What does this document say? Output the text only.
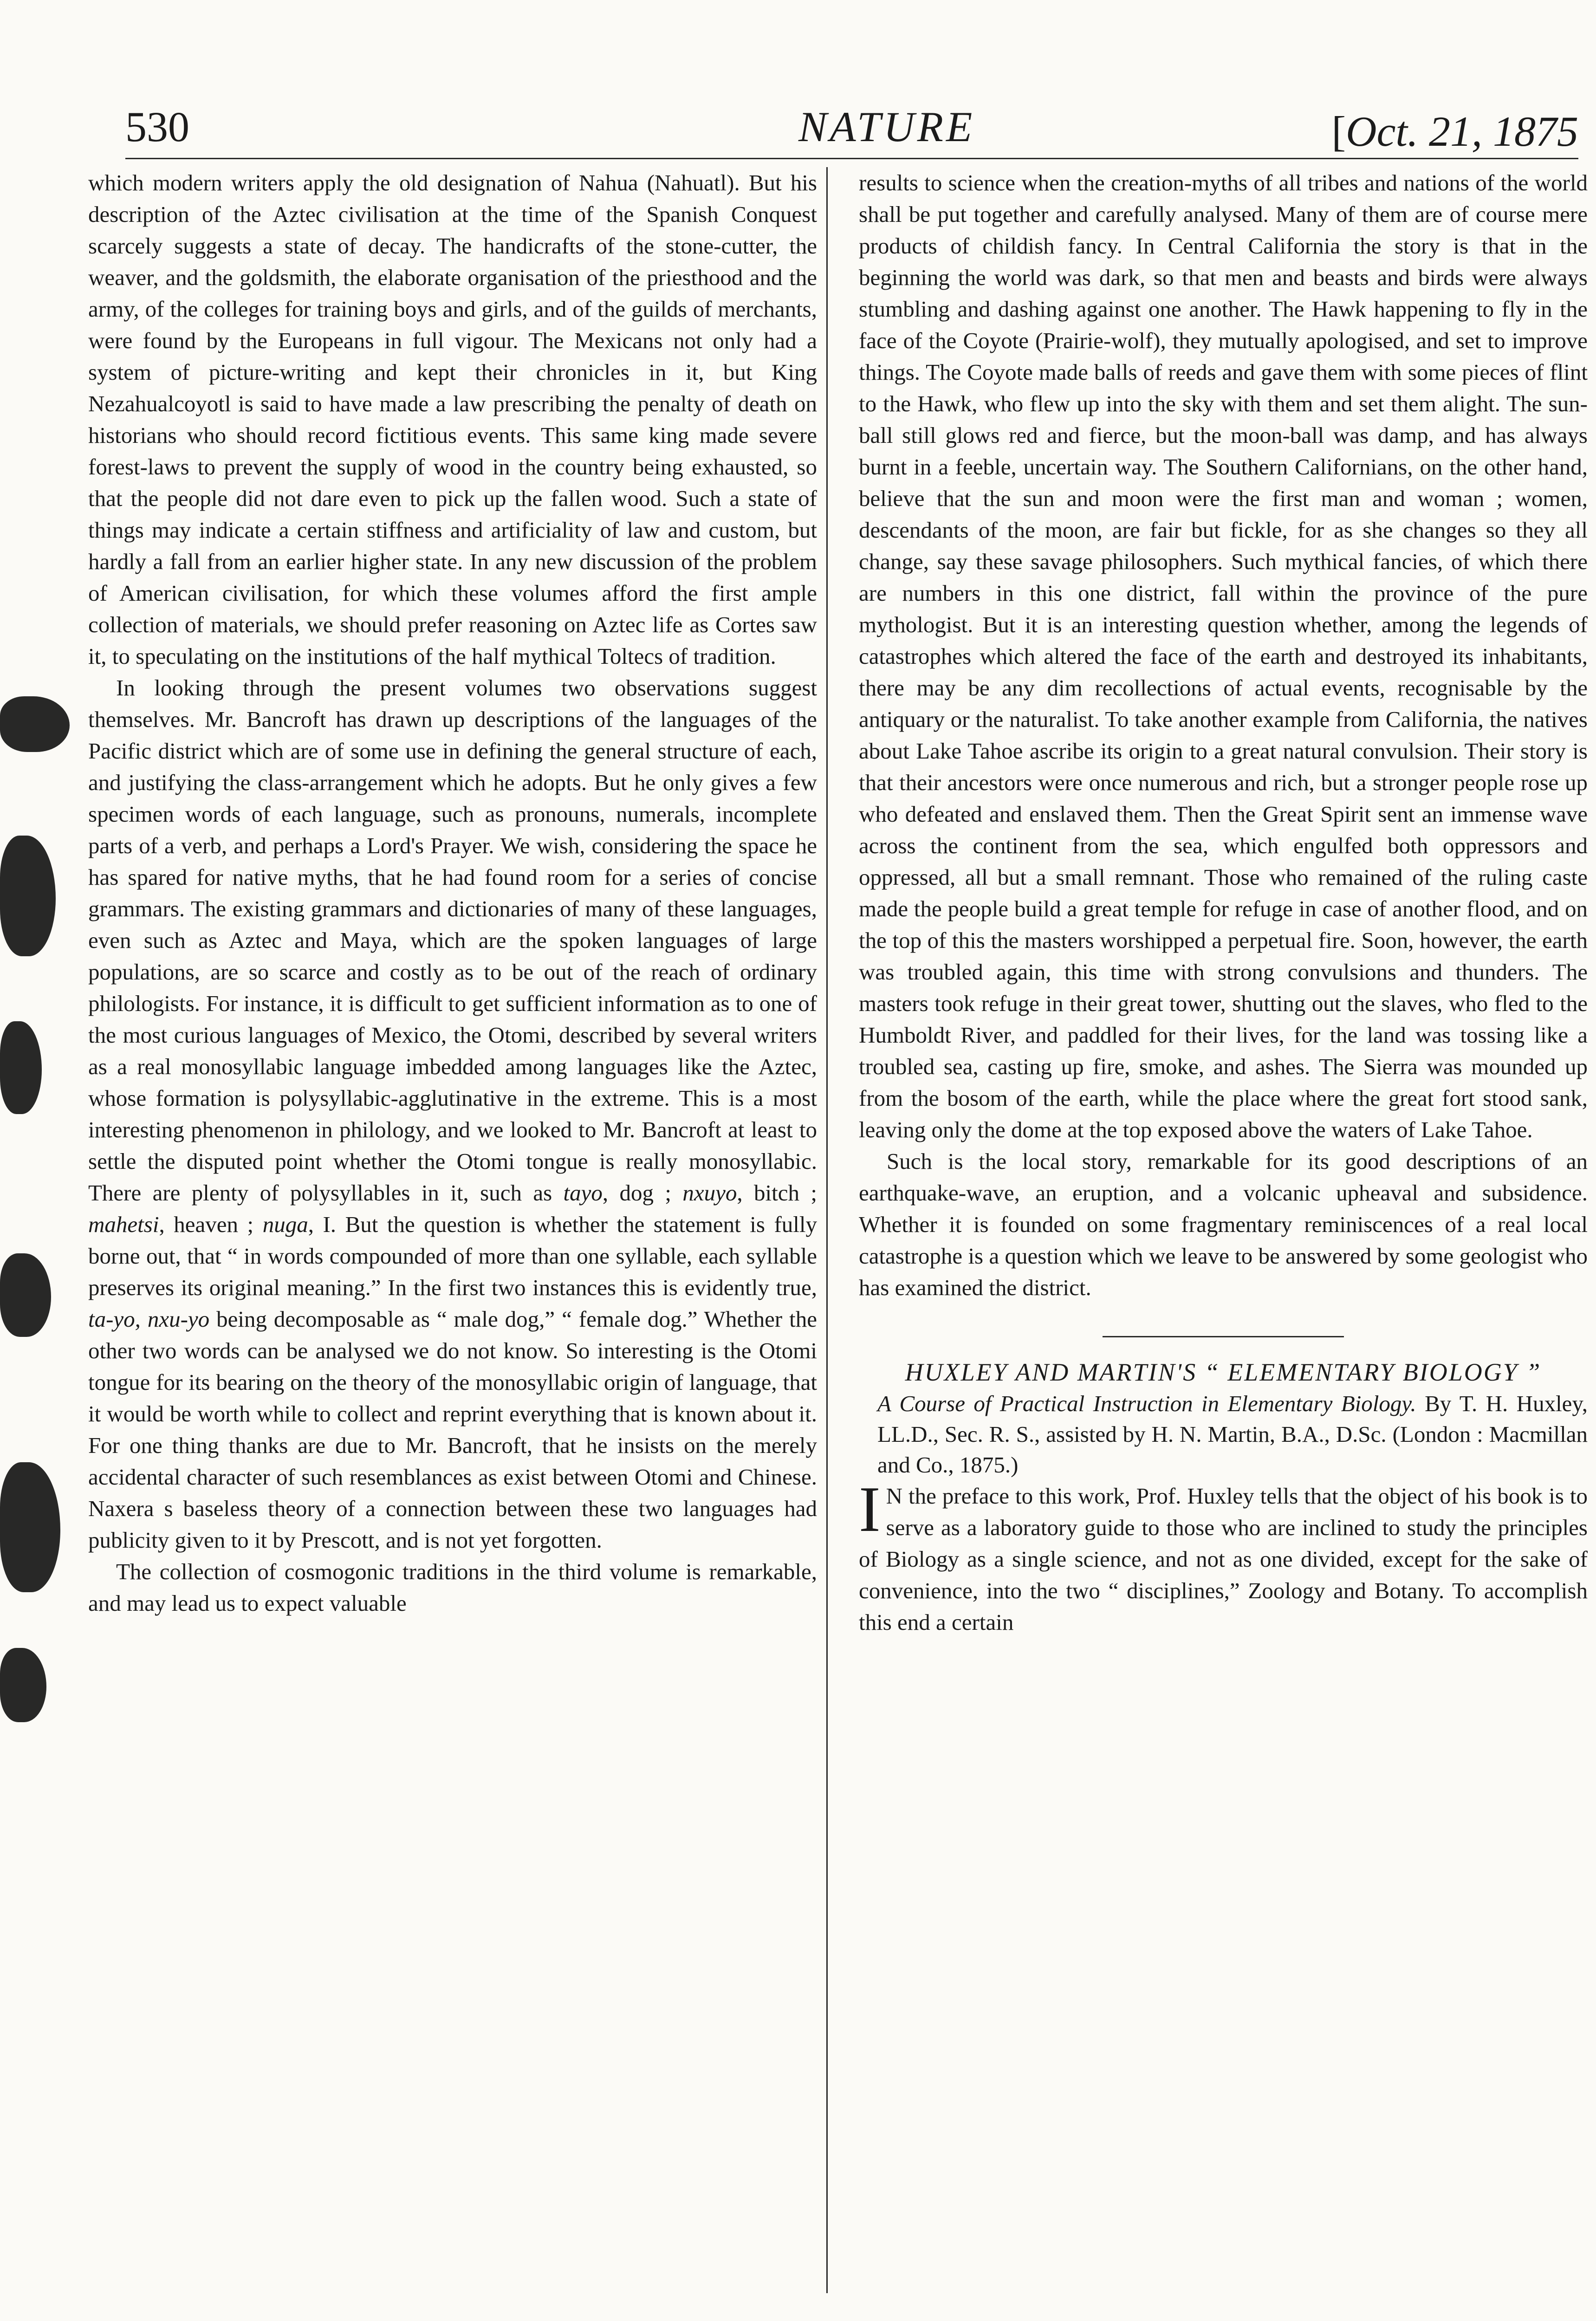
530	NATURE	[Oct. 21, 1875

which modern writers apply the old designation of Nahua (Nahuatl). But his description of the Aztec civilisation at the time of the Spanish Conquest scarcely suggests a state of decay. The handicrafts of the stone-cutter, the weaver, and the goldsmith, the elaborate organisation of the priesthood and the army, of the colleges for training boys and girls, and of the guilds of merchants, were found by the Europeans in full vigour. The Mexicans not only had a system of picture-writing and kept their chronicles in it, but King Nezahualcoyotl is said to have made a law prescribing the penalty of death on historians who should record fictitious events. This same king made severe forest-laws to prevent the supply of wood in the country being exhausted, so that the people did not dare even to pick up the fallen wood. Such a state of things may indicate a certain stiffness and artificiality of law and custom, but hardly a fall from an earlier higher state. In any new discussion of the problem of American civilisation, for which these volumes afford the first ample collection of materials, we should prefer reasoning on Aztec life as Cortes saw it, to speculating on the institutions of the half mythical Toltecs of tradition.

In looking through the present volumes two observations suggest themselves. Mr. Bancroft has drawn up descriptions of the languages of the Pacific district which are of some use in defining the general structure of each, and justifying the class-arrangement which he adopts. But he only gives a few specimen words of each language, such as pronouns, numerals, incomplete parts of a verb, and perhaps a Lord's Prayer. We wish, considering the space he has spared for native myths, that he had found room for a series of concise grammars. The existing grammars and dictionaries of many of these languages, even such as Aztec and Maya, which are the spoken languages of large populations, are so scarce and costly as to be out of the reach of ordinary philologists. For instance, it is difficult to get sufficient information as to one of the most curious languages of Mexico, the Otomi, described by several writers as a real monosyllabic language imbedded among languages like the Aztec, whose formation is polysyllabic-agglutinative in the extreme. This is a most interesting phenomenon in philology, and we looked to Mr. Bancroft at least to settle the disputed point whether the Otomi tongue is really monosyllabic. There are plenty of polysyllables in it, such as tayo, dog ; nxuyo, bitch ; mahetsi, heaven ; nuga, I. But the question is whether the statement is fully borne out, that “ in words compounded of more than one syllable, each syllable preserves its original meaning.” In the first two instances this is evidently true, ta-yo, nxu-yo being decomposable as “ male dog,” “ female dog.” Whether the other two words can be analysed we do not know. So interesting is the Otomi tongue for its bearing on the theory of the monosyllabic origin of language, that it would be worth while to collect and reprint everything that is known about it. For one thing thanks are due to Mr. Bancroft, that he insists on the merely accidental character of such resemblances as exist between Otomi and Chinese. Naxera s baseless theory of a connection between these two languages had publicity given to it by Prescott, and is not yet forgotten.

The collection of cosmogonic traditions in the third volume is remarkable, and may lead us to expect valuable

results to science when the creation-myths of all tribes and nations of the world shall be put together and carefully analysed. Many of them are of course mere products of childish fancy. In Central California the story is that in the beginning the world was dark, so that men and beasts and birds were always stumbling and dashing against one another. The Hawk happening to fly in the face of the Coyote (Prairie-wolf), they mutually apologised, and set to improve things. The Coyote made balls of reeds and gave them with some pieces of flint to the Hawk, who flew up into the sky with them and set them alight. The sun-ball still glows red and fierce, but the moon-ball was damp, and has always burnt in a feeble, uncertain way. The Southern Californians, on the other hand, believe that the sun and moon were the first man and woman ; women, descendants of the moon, are fair but fickle, for as she changes so they all change, say these savage philosophers. Such mythical fancies, of which there are numbers in this one district, fall within the province of the pure mythologist. But it is an interesting question whether, among the legends of catastrophes which altered the face of the earth and destroyed its inhabitants, there may be any dim recollections of actual events, recognisable by the antiquary or the naturalist. To take another example from California, the natives about Lake Tahoe ascribe its origin to a great natural convulsion. Their story is that their ancestors were once numerous and rich, but a stronger people rose up who defeated and enslaved them. Then the Great Spirit sent an immense wave across the continent from the sea, which engulfed both oppressors and oppressed, all but a small remnant. Those who remained of the ruling caste made the people build a great temple for refuge in case of another flood, and on the top of this the masters worshipped a perpetual fire. Soon, however, the earth was troubled again, this time with strong convulsions and thunders. The masters took refuge in their great tower, shutting out the slaves, who fled to the Humboldt River, and paddled for their lives, for the land was tossing like a troubled sea, casting up fire, smoke, and ashes. The Sierra was mounded up from the bosom of the earth, while the place where the great fort stood sank, leaving only the dome at the top exposed above the waters of Lake Tahoe.

Such is the local story, remarkable for its good descriptions of an earthquake-wave, an eruption, and a volcanic upheaval and subsidence. Whether it is founded on some fragmentary reminiscences of a real local catastrophe is a question which we leave to be answered by some geologist who has examined the district.

HUXLEY AND MARTIN'S “ ELEMENTARY BIOLOGY ”

A Course of Practical Instruction in Elementary Biology. By T. H. Huxley, LL.D., Sec. R. S., assisted by H. N. Martin, B.A., D.Sc. (London : Macmillan and Co., 1875.)

I N the preface to this work, Prof. Huxley tells that the object of his book is to serve as a laboratory guide to those who are inclined to study the principles of Biology as a single science, and not as one divided, except for the sake of convenience, into the two “ disciplines,” Zoology and Botany. To accomplish this end a certain
